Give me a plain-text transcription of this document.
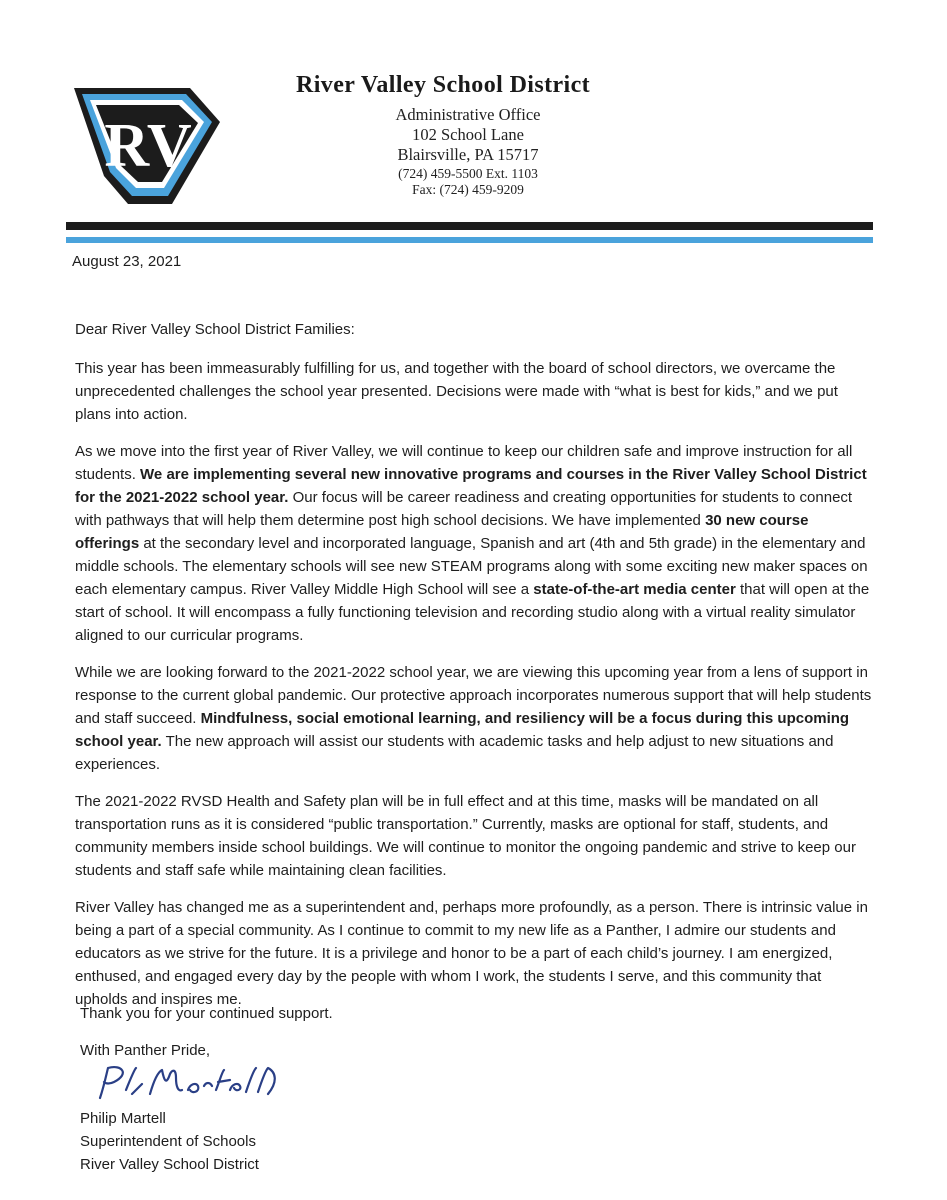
RV
River Valley School District
Administrative Office
102 School Lane
Blairsville, PA 15717
(724) 459-5500 Ext. 1103
Fax: (724) 459-9209
August 23, 2021

Dear River Valley School District Families:

This year has been immeasurably fulfilling for us, and together with the board of school directors, we overcame the unprecedented challenges the school year presented. Decisions were made with “what is best for kids,” and we put plans into action.

As we move into the first year of River Valley, we will continue to keep our children safe and improve instruction for all students. We are implementing several new innovative programs and courses in the River Valley School District for the 2021-2022 school year. Our focus will be career readiness and creating opportunities for students to connect with pathways that will help them determine post high school decisions. We have implemented 30 new course offerings at the secondary level and incorporated language, Spanish and art (4th and 5th grade) in the elementary and middle schools. The elementary schools will see new STEAM programs along with some exciting new maker spaces on each elementary campus. River Valley Middle High School will see a state-of-the-art media center that will open at the start of school. It will encompass a fully functioning television and recording studio along with a virtual reality simulator aligned to our curricular programs.

While we are looking forward to the 2021-2022 school year, we are viewing this upcoming year from a lens of support in response to the current global pandemic. Our protective approach incorporates numerous support that will help students and staff succeed. Mindfulness, social emotional learning, and resiliency will be a focus during this upcoming school year. The new approach will assist our students with academic tasks and help adjust to new situations and experiences.

The 2021-2022 RVSD Health and Safety plan will be in full effect and at this time, masks will be mandated on all transportation runs as it is considered “public transportation.” Currently, masks are optional for staff, students, and community members inside school buildings. We will continue to monitor the ongoing pandemic and strive to keep our students and staff safe while maintaining clean facilities.

River Valley has changed me as a superintendent and, perhaps more profoundly, as a person. There is intrinsic value in being a part of a special community. As I continue to commit to my new life as a Panther, I admire our students and educators as we strive for the future. It is a privilege and honor to be a part of each child’s journey. I am energized, enthused, and engaged every day by the people with whom I work, the students I serve, and this community that upholds and inspires me.

Thank you for your continued support.

With Panther Pride,

Philip Martell
Superintendent of Schools
River Valley School District
